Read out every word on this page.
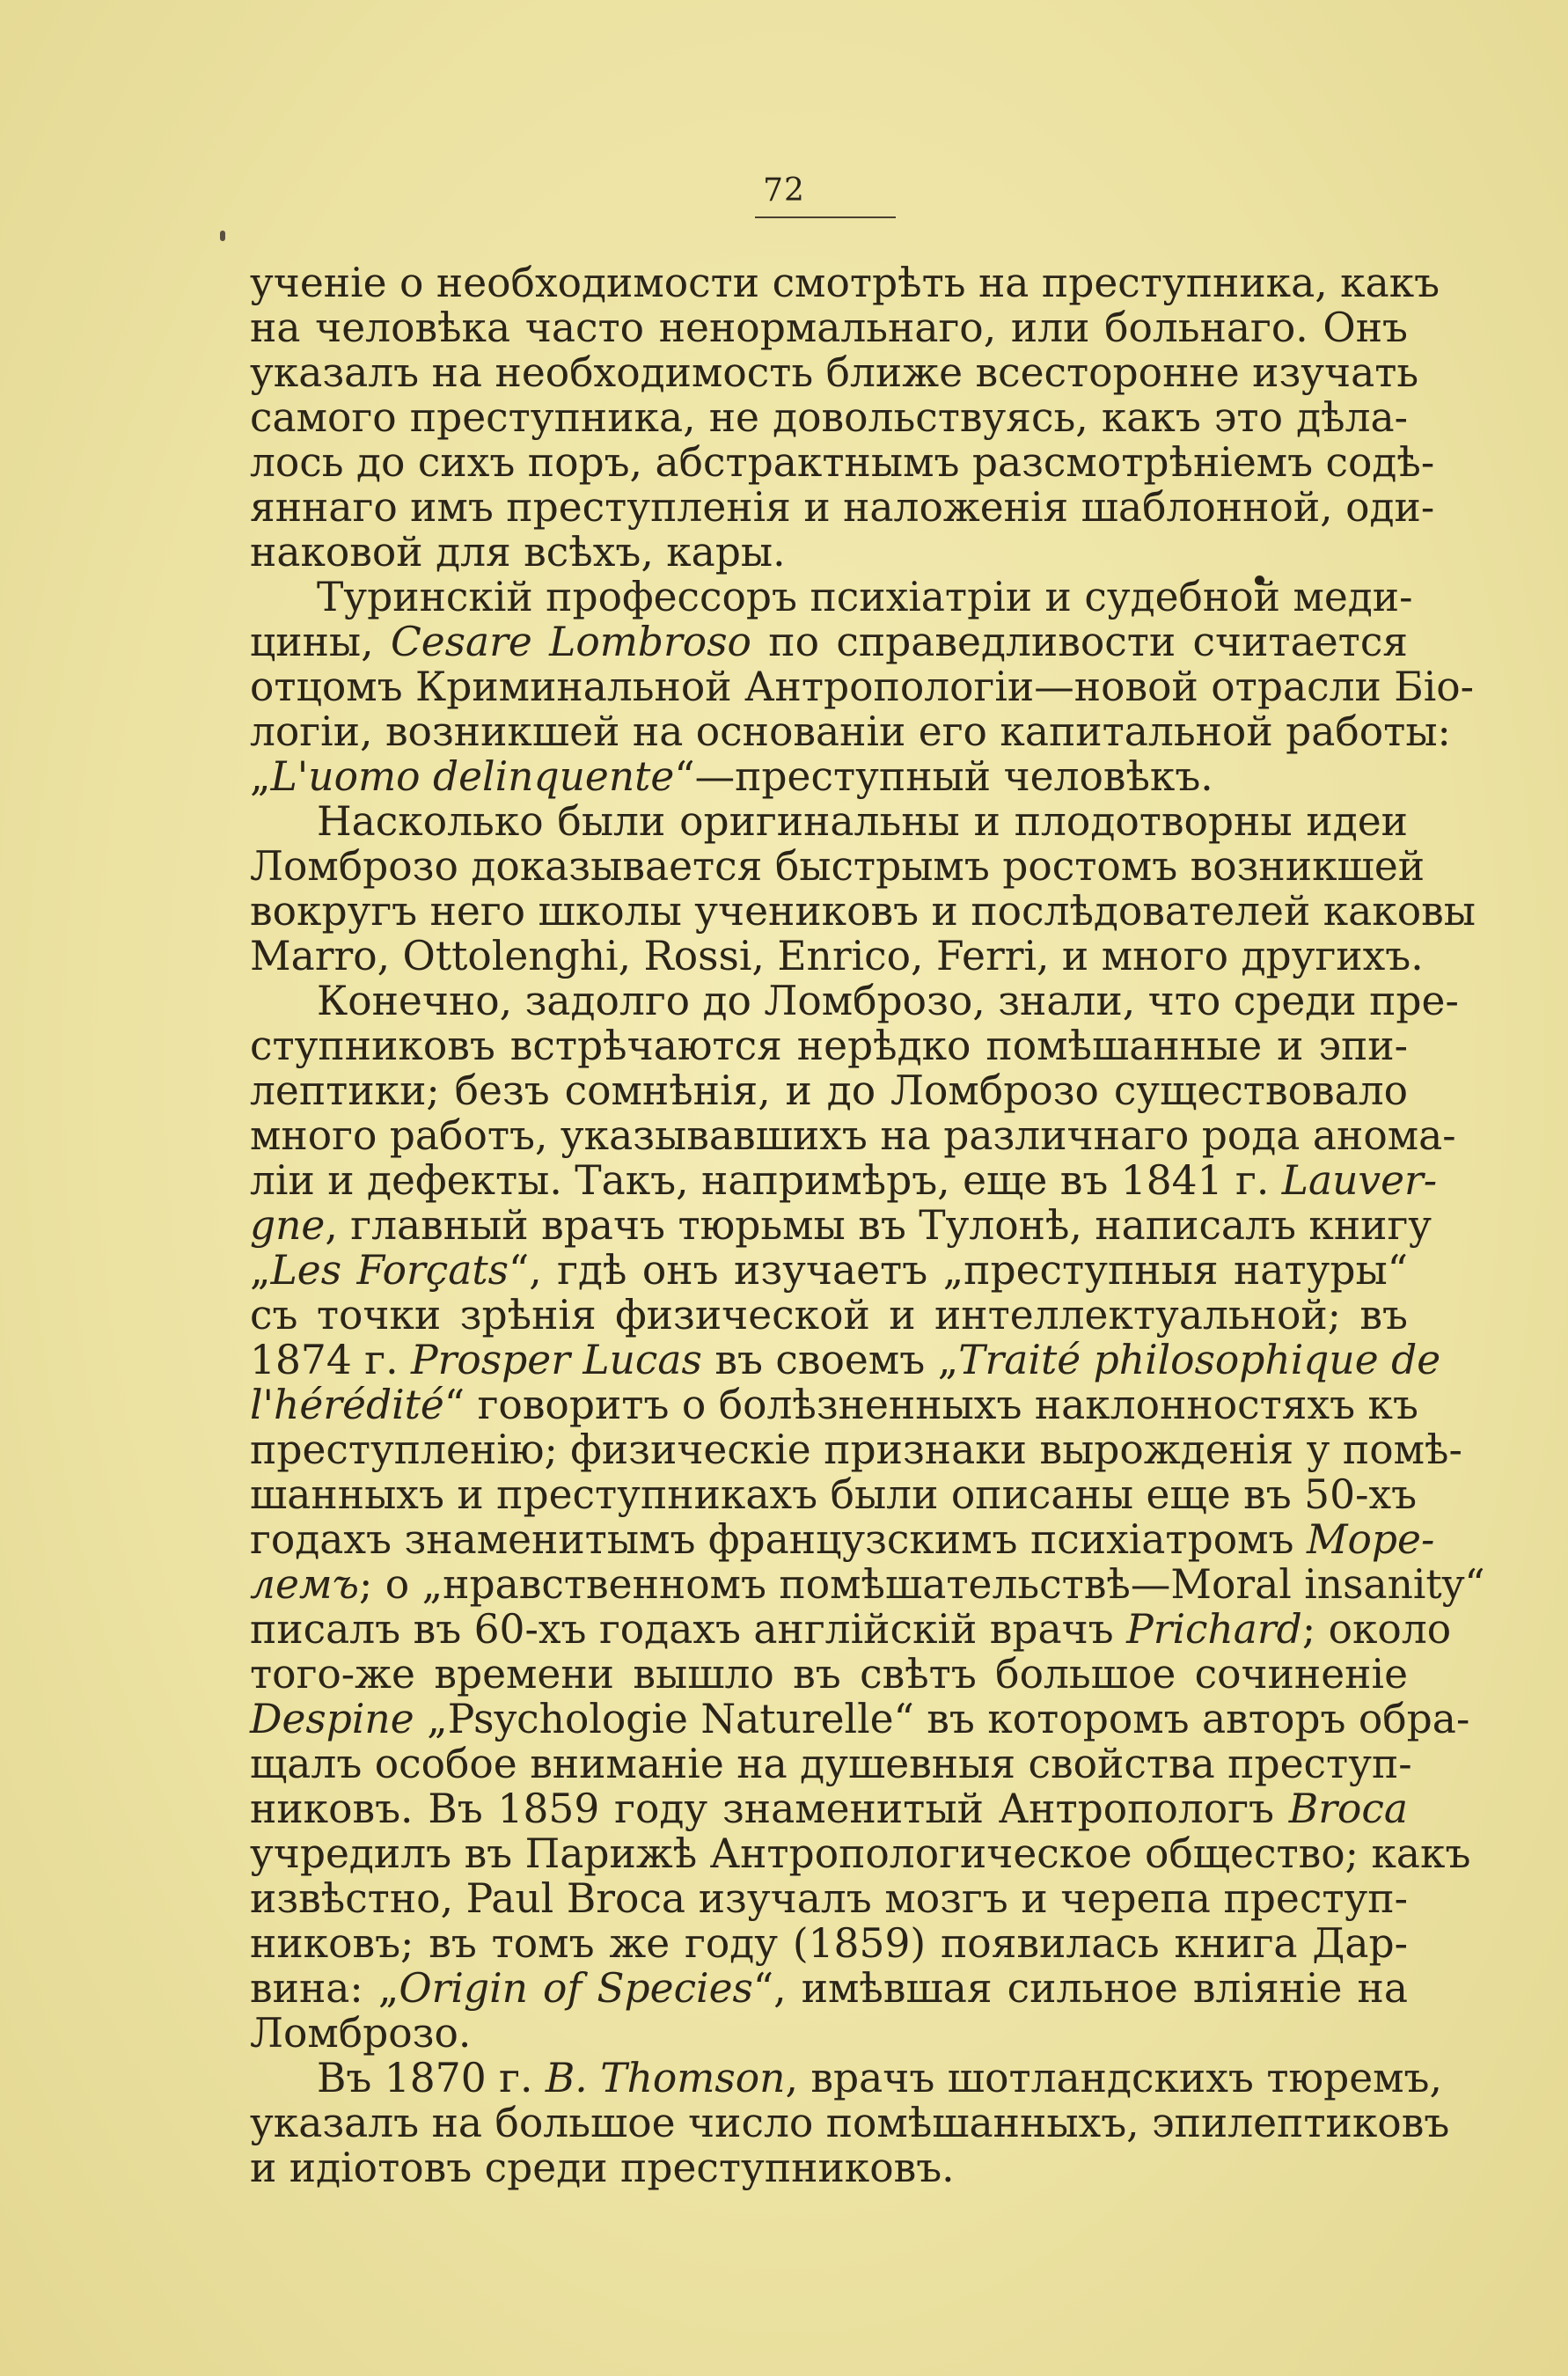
72
ученіе о необходимости смотрѣть на преступника, какъ
на человѣка часто ненормальнаго, или больнаго. Онъ
указалъ на необходимость ближе всесторонне изучать
самого преступника, не довольствуясь, какъ это дѣла-
лось до сихъ поръ, абстрактнымъ разсмотрѣніемъ содѣ-
яннаго имъ преступленія и наложенія шаблонной, оди-
наковой для всѣхъ, кары.
Туринскій профессоръ психіатріи и судебной меди-
цины, Cesare Lombroso по справедливости считается
отцомъ Криминальной Антропологіи—новой отрасли Біо-
логіи, возникшей на основаніи его капитальной работы:
„L'uomo delinquente“—преступный человѣкъ.
Насколько были оригинальны и плодотворны идеи
Ломброзо доказывается быстрымъ ростомъ возникшей
вокругъ него школы учениковъ и послѣдователей каковы
Marro, Ottolenghi, Rossi, Enrico, Ferri, и много другихъ.
Конечно, задолго до Ломброзо, знали, что среди пре-
ступниковъ встрѣчаются нерѣдко помѣшанные и эпи-
лептики; безъ сомнѣнія, и до Ломброзо существовало
много работъ, указывавшихъ на различнаго рода анома-
ліи и дефекты. Такъ, напримѣръ, еще въ 1841 г. Lauver-
gne, главный врачъ тюрьмы въ Тулонѣ, написалъ книгу
„Les Forçats“, гдѣ онъ изучаетъ „преступныя натуры“
съ точки зрѣнія физической и интеллектуальной; въ
1874 г. Prosper Lucas въ своемъ „Traité philosophique de
l'hérédité“ говоритъ о болѣзненныхъ наклонностяхъ къ
преступленію; физическіе признаки вырожденія у помѣ-
шанныхъ и преступникахъ были описаны еще въ 50-хъ
годахъ знаменитымъ французскимъ психіатромъ Море-
лемъ; о „нравственномъ помѣшательствѣ—Moral insanity“
писалъ въ 60-хъ годахъ англійскій врачъ Prichard; около
того-же времени вышло въ свѣтъ большое сочиненіе
Despine „Psychologie Naturelle“ въ которомъ авторъ обра-
щалъ особое вниманіе на душевныя свойства преступ-
никовъ. Въ 1859 году знаменитый Антропологъ Broca
учредилъ въ Парижѣ Антропологическое общество; какъ
извѣстно, Paul Broca изучалъ мозгъ и черепа преступ-
никовъ; въ томъ же году (1859) появилась книга Дар-
вина: „Origin of Species“, имѣвшая сильное вліяніе на
Ломброзо.
Въ 1870 г. B. Thomson, врачъ шотландскихъ тюремъ,
указалъ на большое число помѣшанныхъ, эпилептиковъ
и идіотовъ среди преступниковъ.
